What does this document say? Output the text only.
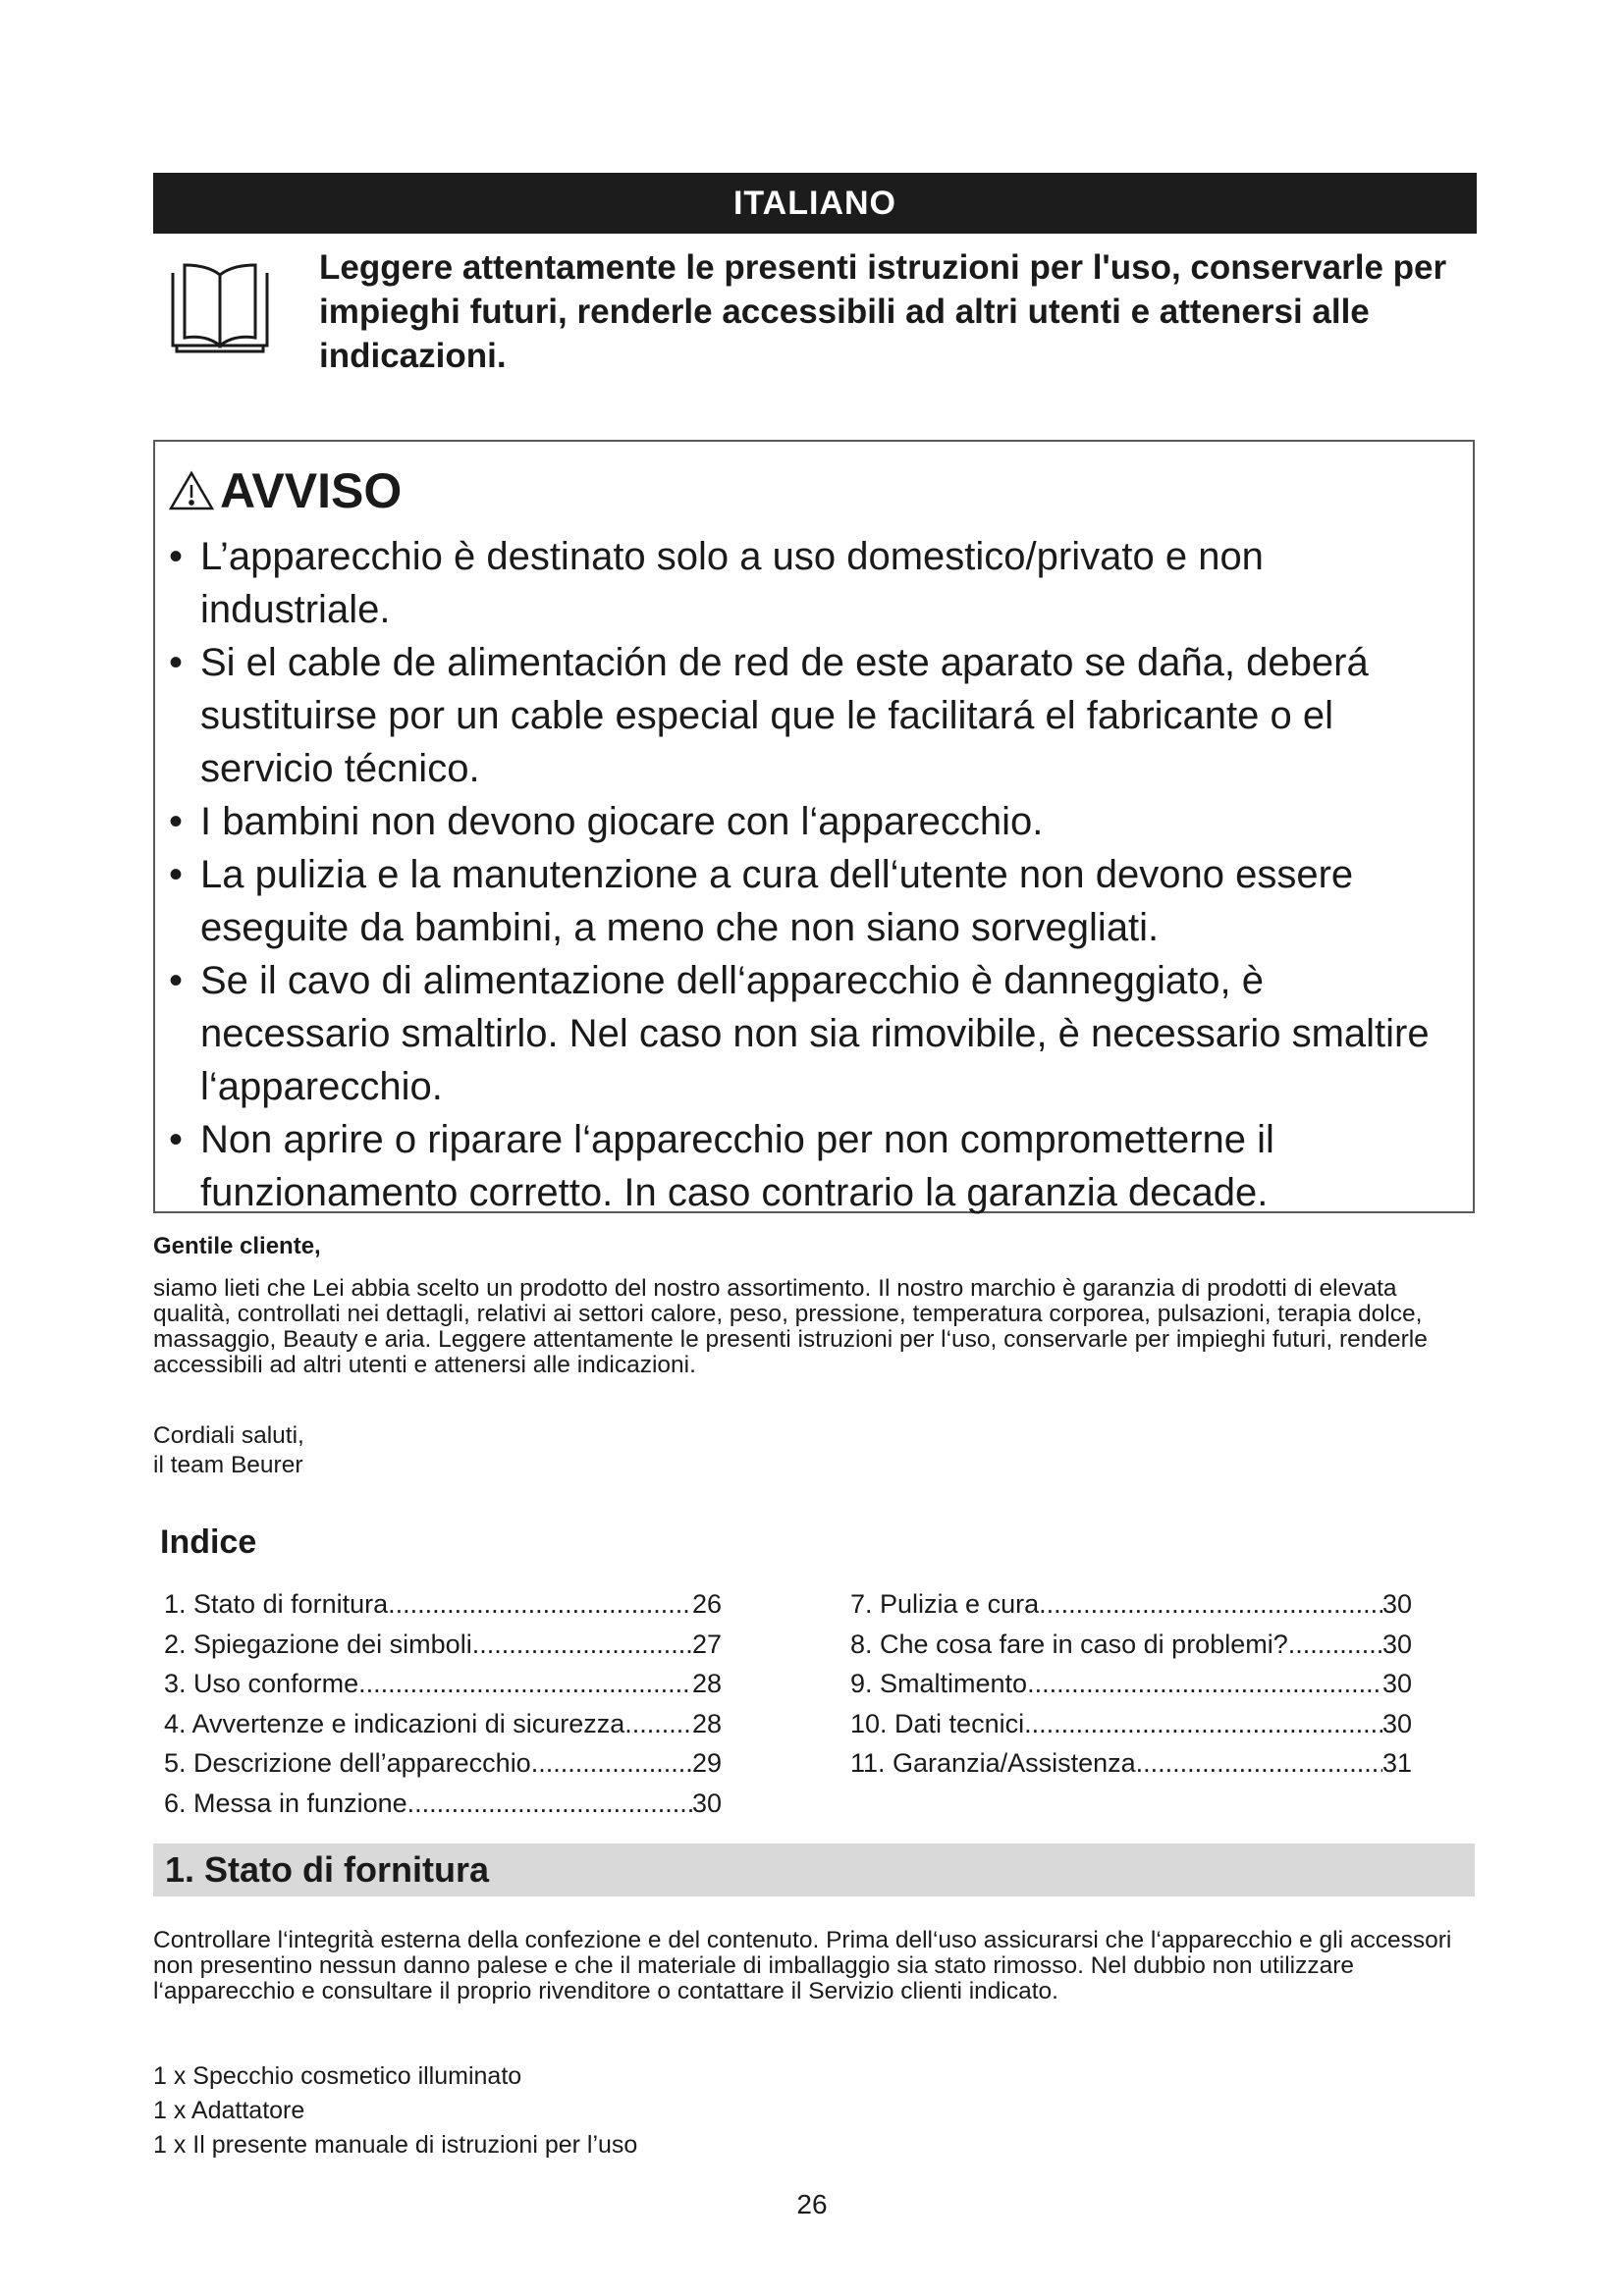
ITALIANO

Leggere attentamente le presenti istruzioni per l'uso, conservarle per impieghi futuri, renderle accessibili ad altri utenti e attenersi alle indicazioni.

AVVISO
• L’apparecchio è destinato solo a uso domestico/privato e non industriale.
• Si el cable de alimentación de red de este aparato se daña, deberá sustituirse por un cable especial que le facilitará el fabricante o el servicio técnico.
• I bambini non devono giocare con l‘apparecchio.
• La pulizia e la manutenzione a cura dell‘utente non devono essere eseguite da bambini, a meno che non siano sorvegliati.
• Se il cavo di alimentazione dell‘apparecchio è danneggiato, è necessario smaltirlo. Nel caso non sia rimovibile, è necessario smaltire l‘apparecchio.
• Non aprire o riparare l‘apparecchio per non comprometterne il funzionamento corretto. In caso contrario la garanzia decade.

Gentile cliente,

siamo lieti che Lei abbia scelto un prodotto del nostro assortimento. Il nostro marchio è garanzia di prodotti di elevata qualità, controllati nei dettagli, relativi ai settori calore, peso, pressione, temperatura corporea, pulsazioni, terapia dolce, massaggio, Beauty e aria. Leggere attentamente le presenti istruzioni per l‘uso, conservarle per impieghi futuri, renderle accessibili ad altri utenti e attenersi alle indicazioni.

Cordiali saluti,
il team Beurer
Indice
1. Stato di fornitura .....	26
2. Spiegazione dei simboli .....	27
3. Uso conforme .....	28
4. Avvertenze e indicazioni di sicurezza .....	28
5. Descrizione dell’apparecchio .....	29
6. Messa in funzione .....	30
7. Pulizia e cura .....	30
8. Che cosa fare in caso di problemi? .....	30
9. Smaltimento .....	30
10. Dati tecnici .....	30
11. Garanzia/Assistenza .....	31
1. Stato di fornitura

Controllare l‘integrità esterna della confezione e del contenuto. Prima dell‘uso assicurarsi che l‘apparecchio e gli accessori non presentino nessun danno palese e che il materiale di imballaggio sia stato rimosso. Nel dubbio non utilizzare l‘apparecchio e consultare il proprio rivenditore o contattare il Servizio clienti indicato.

1 x Specchio cosmetico illuminato
1 x Adattatore
1 x Il presente manuale di istruzioni per l’uso
26
